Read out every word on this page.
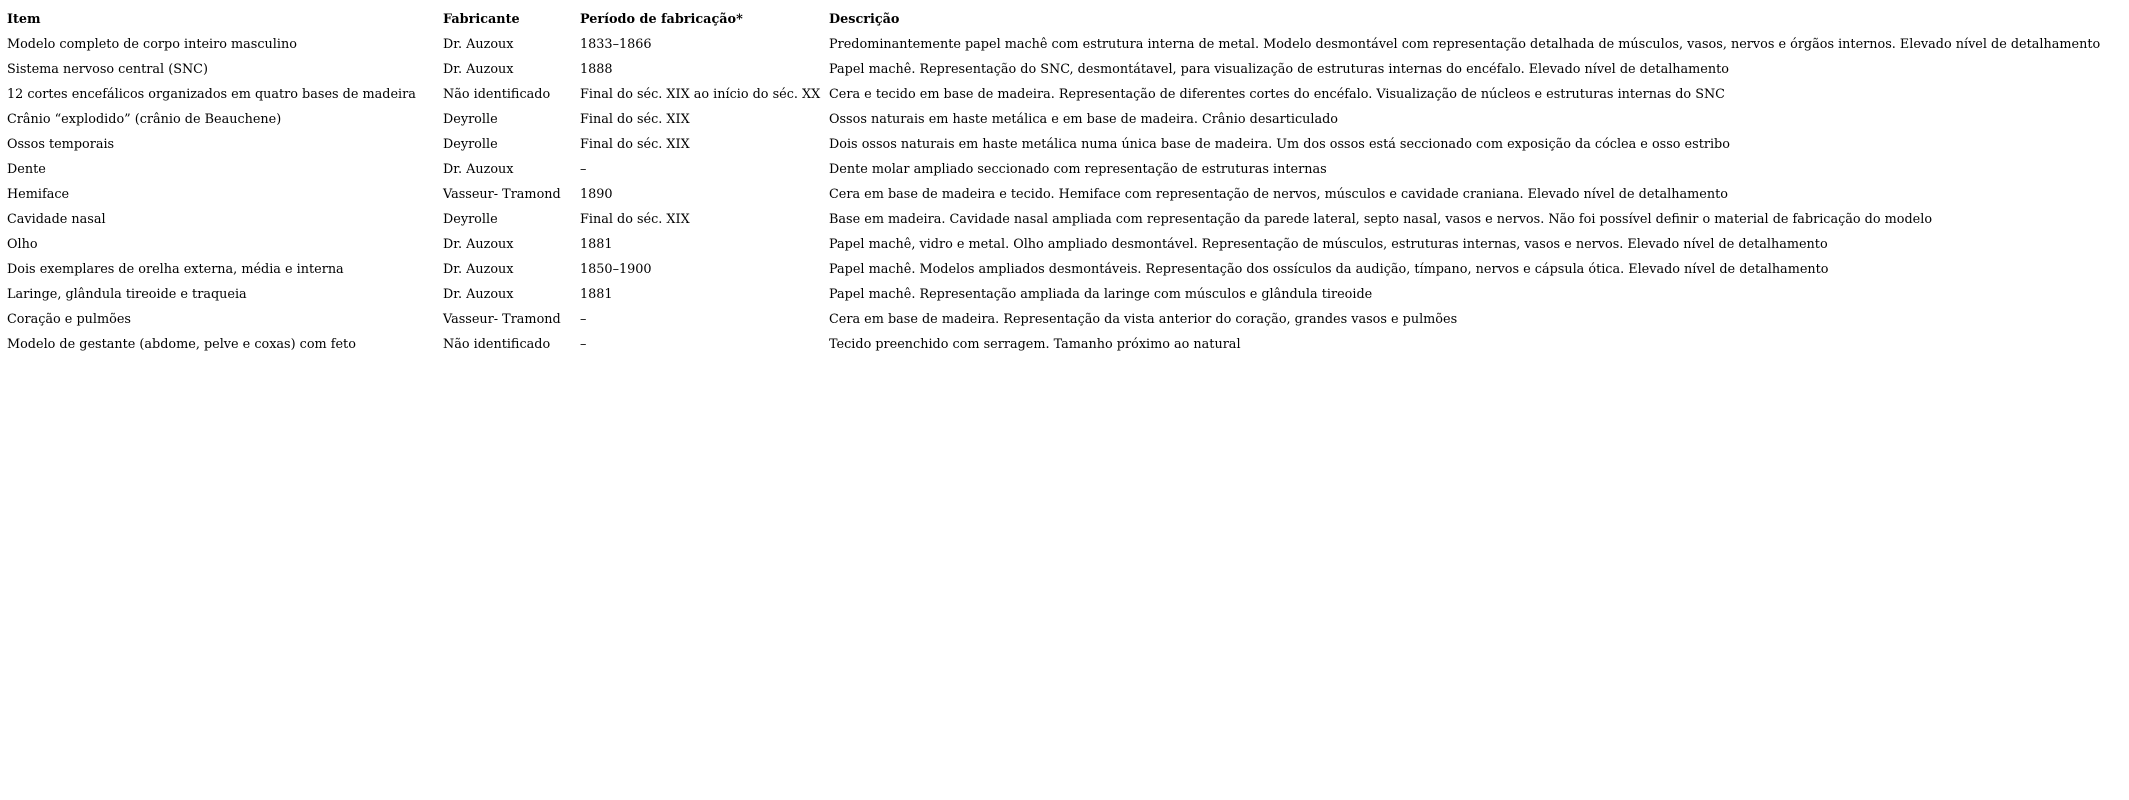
Item	Fabricante	Período de fabricação*	Descrição
Modelo completo de corpo inteiro masculino	Dr. Auzoux	1833–1866	Predominantemente papel machê com estrutura interna de metal. Modelo desmontável com representação detalhada de músculos, vasos, nervos e órgãos internos. Elevado nível de detalhamento
Sistema nervoso central (SNC)	Dr. Auzoux	1888	Papel machê. Representação do SNC, desmontátavel, para visualização de estruturas internas do encéfalo. Elevado nível de detalhamento
12 cortes encefálicos organizados em quatro bases de madeira	Não identificado	Final do séc. XIX ao início do séc. XX	Cera e tecido em base de madeira. Representação de diferentes cortes do encéfalo. Visualização de núcleos e estruturas internas do SNC
Crânio “explodido” (crânio de Beauchene)	Deyrolle	Final do séc. XIX	Ossos naturais em haste metálica e em base de madeira. Crânio desarticulado
Ossos temporais	Deyrolle	Final do séc. XIX	Dois ossos naturais em haste metálica numa única base de madeira. Um dos ossos está seccionado com exposição da cóclea e osso estribo
Dente	Dr. Auzoux	–	Dente molar ampliado seccionado com representação de estruturas internas
Hemiface	Vasseur- Tramond	1890	Cera em base de madeira e tecido. Hemiface com representação de nervos, músculos e cavidade craniana. Elevado nível de detalhamento
Cavidade nasal	Deyrolle	Final do séc. XIX	Base em madeira. Cavidade nasal ampliada com representação da parede lateral, septo nasal, vasos e nervos. Não foi possível definir o material de fabricação do modelo
Olho	Dr. Auzoux	1881	Papel machê, vidro e metal. Olho ampliado desmontável. Representação de músculos, estruturas internas, vasos e nervos. Elevado nível de detalhamento
Dois exemplares de orelha externa, média e interna	Dr. Auzoux	1850–1900	Papel machê. Modelos ampliados desmontáveis. Representação dos ossículos da audição, tímpano, nervos e cápsula ótica. Elevado nível de detalhamento
Laringe, glândula tireoide e traqueia	Dr. Auzoux	1881	Papel machê. Representação ampliada da laringe com músculos e glândula tireoide
Coração e pulmões	Vasseur- Tramond	–	Cera em base de madeira. Representação da vista anterior do coração, grandes vasos e pulmões
Modelo de gestante (abdome, pelve e coxas) com feto	Não identificado	–	Tecido preenchido com serragem. Tamanho próximo ao natural
